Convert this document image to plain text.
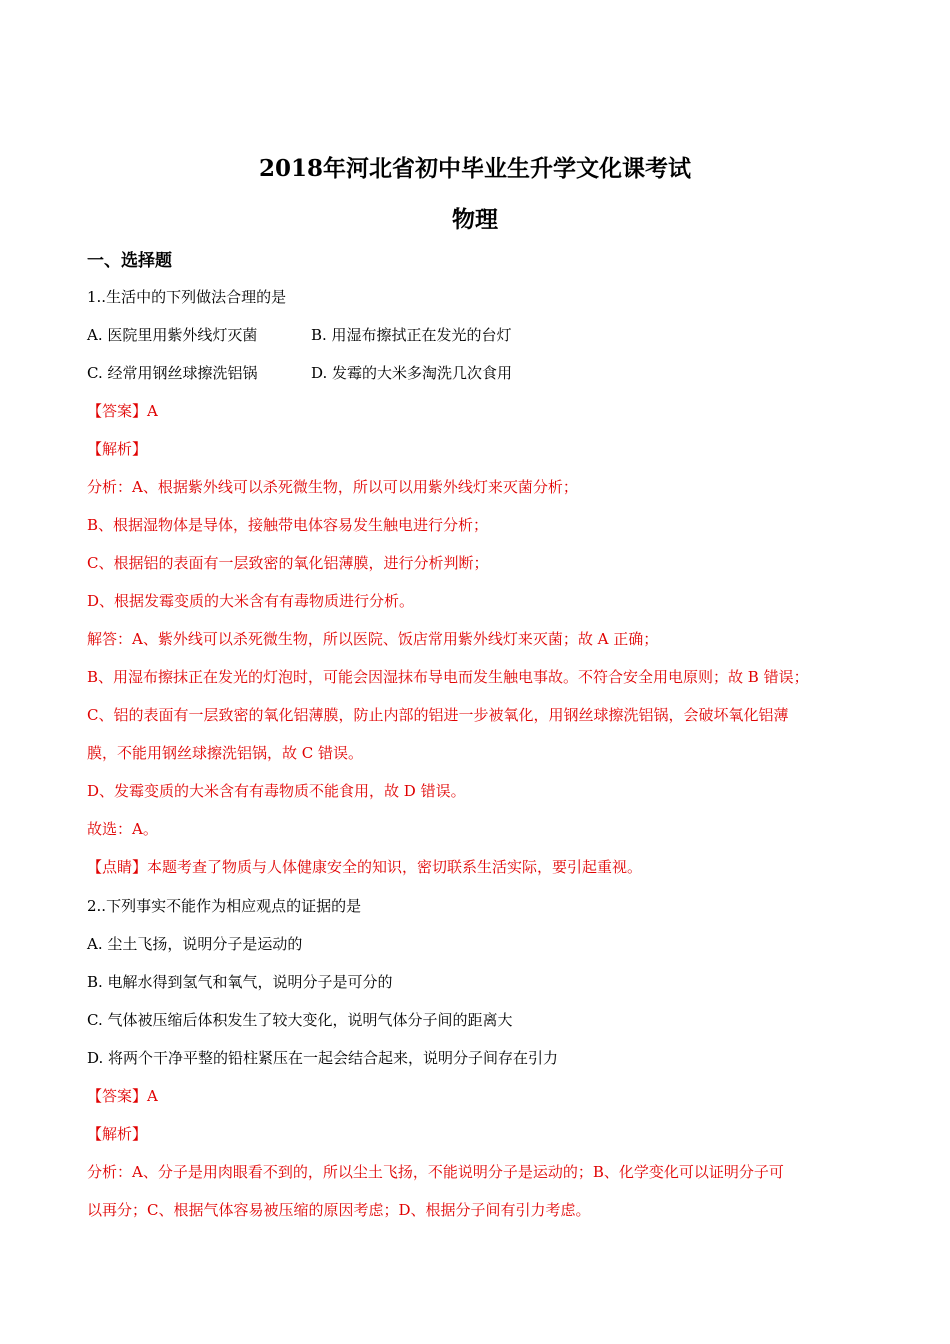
2018年河北省初中毕业生升学文化课考试
物理
一、选择题
1..生活中的下列做法合理的是
A. 医院里用紫外线灯灭菌	B. 用湿布擦拭正在发光的台灯
C. 经常用钢丝球擦洗铝锅	D. 发霉的大米多淘洗几次食用
【答案】A
【解析】
分析：A、根据紫外线可以杀死微生物，所以可以用紫外线灯来灭菌分析；
B、根据湿物体是导体，接触带电体容易发生触电进行分析；
C、根据铝的表面有一层致密的氧化铝薄膜，进行分析判断；
D、根据发霉变质的大米含有有毒物质进行分析。
解答：A、紫外线可以杀死微生物，所以医院、饭店常用紫外线灯来灭菌；故 A 正确；
B、用湿布擦抹正在发光的灯泡时，可能会因湿抹布导电而发生触电事故。不符合安全用电原则；故 B 错误；
C、铝的表面有一层致密的氧化铝薄膜，防止内部的铝进一步被氧化，用钢丝球擦洗铝锅，会破坏氧化铝薄
膜，不能用钢丝球擦洗铝锅，故 C 错误。
D、发霉变质的大米含有有毒物质不能食用，故 D 错误。
故选：A。
【点睛】本题考查了物质与人体健康安全的知识，密切联系生活实际，要引起重视。
2..下列事实不能作为相应观点的证据的是
A. 尘土飞扬，说明分子是运动的
B. 电解水得到氢气和氧气，说明分子是可分的
C. 气体被压缩后体积发生了较大变化，说明气体分子间的距离大
D. 将两个干净平整的铅柱紧压在一起会结合起来，说明分子间存在引力
【答案】A
【解析】
分析：A、分子是用肉眼看不到的，所以尘土飞扬，不能说明分子是运动的；B、化学变化可以证明分子可
以再分；C、根据气体容易被压缩的原因考虑；D、根据分子间有引力考虑。
